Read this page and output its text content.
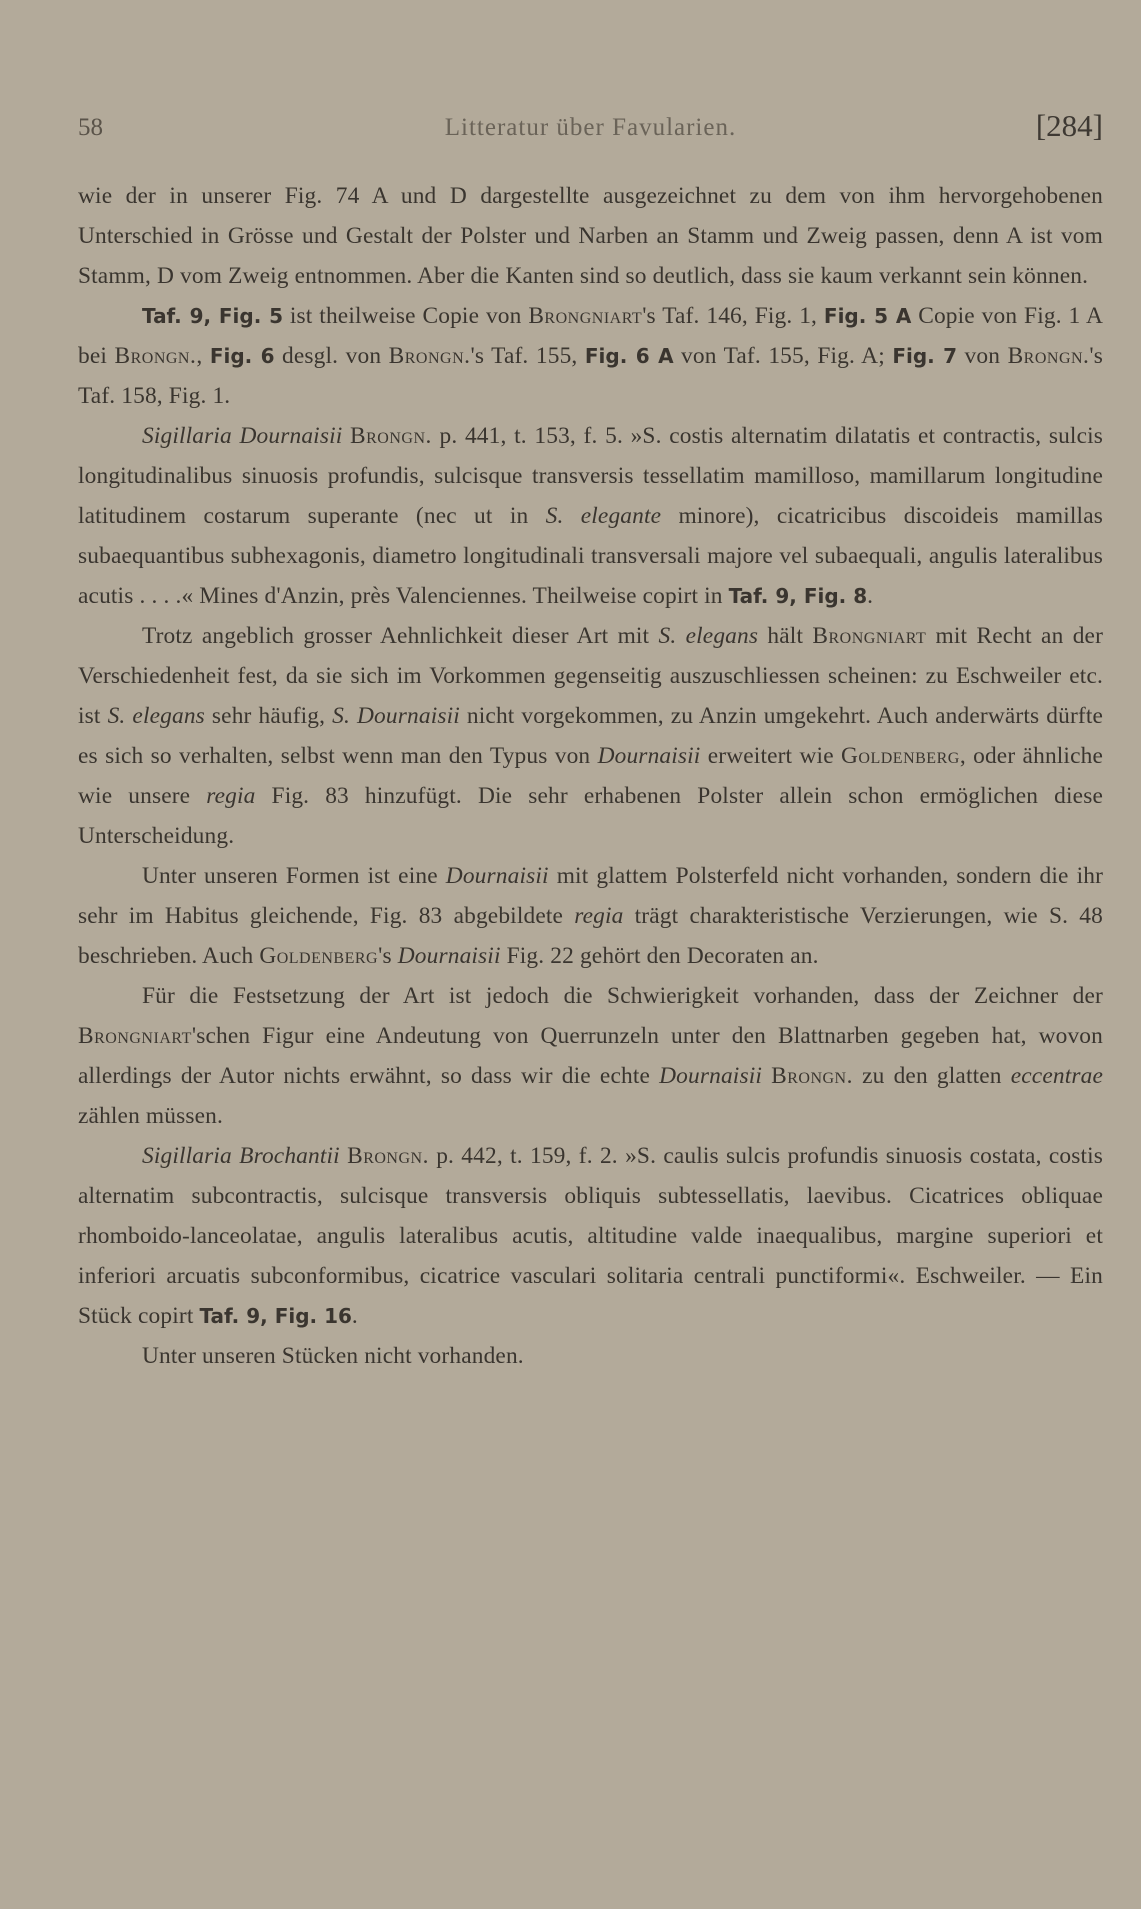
58	Litteratur über Favularien.	[284]

wie der in unserer Fig. 74 A und D dargestellte ausgezeichnet zu dem von ihm hervorgehobenen Unterschied in Grösse und Gestalt der Polster und Narben an Stamm und Zweig passen, denn A ist vom Stamm, D vom Zweig entnommen. Aber die Kanten sind so deutlich, dass sie kaum verkannt sein können.

Taf. 9, Fig. 5 ist theilweise Copie von Brongniart's Taf. 146, Fig. 1, Fig. 5 A Copie von Fig. 1 A bei Brongn., Fig. 6 desgl. von Brongn.'s Taf. 155, Fig. 6 A von Taf. 155, Fig. A; Fig. 7 von Brongn.'s Taf. 158, Fig. 1.

Sigillaria Dournaisii Brongn. p. 441, t. 153, f. 5. »S. costis alternatim dilatatis et contractis, sulcis longitudinalibus sinuosis profundis, sulcisque transversis tessellatim mamilloso, mamillarum longitudine latitudinem costarum superante (nec ut in S. elegante minore), cicatricibus discoideis mamillas subaequantibus subhexagonis, diametro longitudinali transversali majore vel subaequali, angulis lateralibus acutis . . . .« Mines d'Anzin, près Valenciennes. Theilweise copirt in Taf. 9, Fig. 8.

Trotz angeblich grosser Aehnlichkeit dieser Art mit S. elegans hält Brongniart mit Recht an der Verschiedenheit fest, da sie sich im Vorkommen gegenseitig auszuschliessen scheinen: zu Eschweiler etc. ist S. elegans sehr häufig, S. Dournaisii nicht vorgekommen, zu Anzin umgekehrt. Auch anderwärts dürfte es sich so verhalten, selbst wenn man den Typus von Dournaisii erweitert wie Goldenberg, oder ähnliche wie unsere regia Fig. 83 hinzufügt. Die sehr erhabenen Polster allein schon ermöglichen diese Unterscheidung.

Unter unseren Formen ist eine Dournaisii mit glattem Polsterfeld nicht vorhanden, sondern die ihr sehr im Habitus gleichende, Fig. 83 abgebildete regia trägt charakteristische Verzierungen, wie S. 48 beschrieben. Auch Goldenberg's Dournaisii Fig. 22 gehört den Decoraten an.

Für die Festsetzung der Art ist jedoch die Schwierigkeit vorhanden, dass der Zeichner der Brongniart'schen Figur eine Andeutung von Querrunzeln unter den Blattnarben gegeben hat, wovon allerdings der Autor nichts erwähnt, so dass wir die echte Dournaisii Brongn. zu den glatten eccentrae zählen müssen.

Sigillaria Brochantii Brongn. p. 442, t. 159, f. 2. »S. caulis sulcis profundis sinuosis costata, costis alternatim subcontractis, sulcisque transversis obliquis subtessellatis, laevibus. Cicatrices obliquae rhomboido-lanceolatae, angulis lateralibus acutis, altitudine valde inaequalibus, margine superiori et inferiori arcuatis subconformibus, cicatrice vasculari solitaria centrali punctiformi«. Eschweiler. — Ein Stück copirt Taf. 9, Fig. 16.

Unter unseren Stücken nicht vorhanden.
